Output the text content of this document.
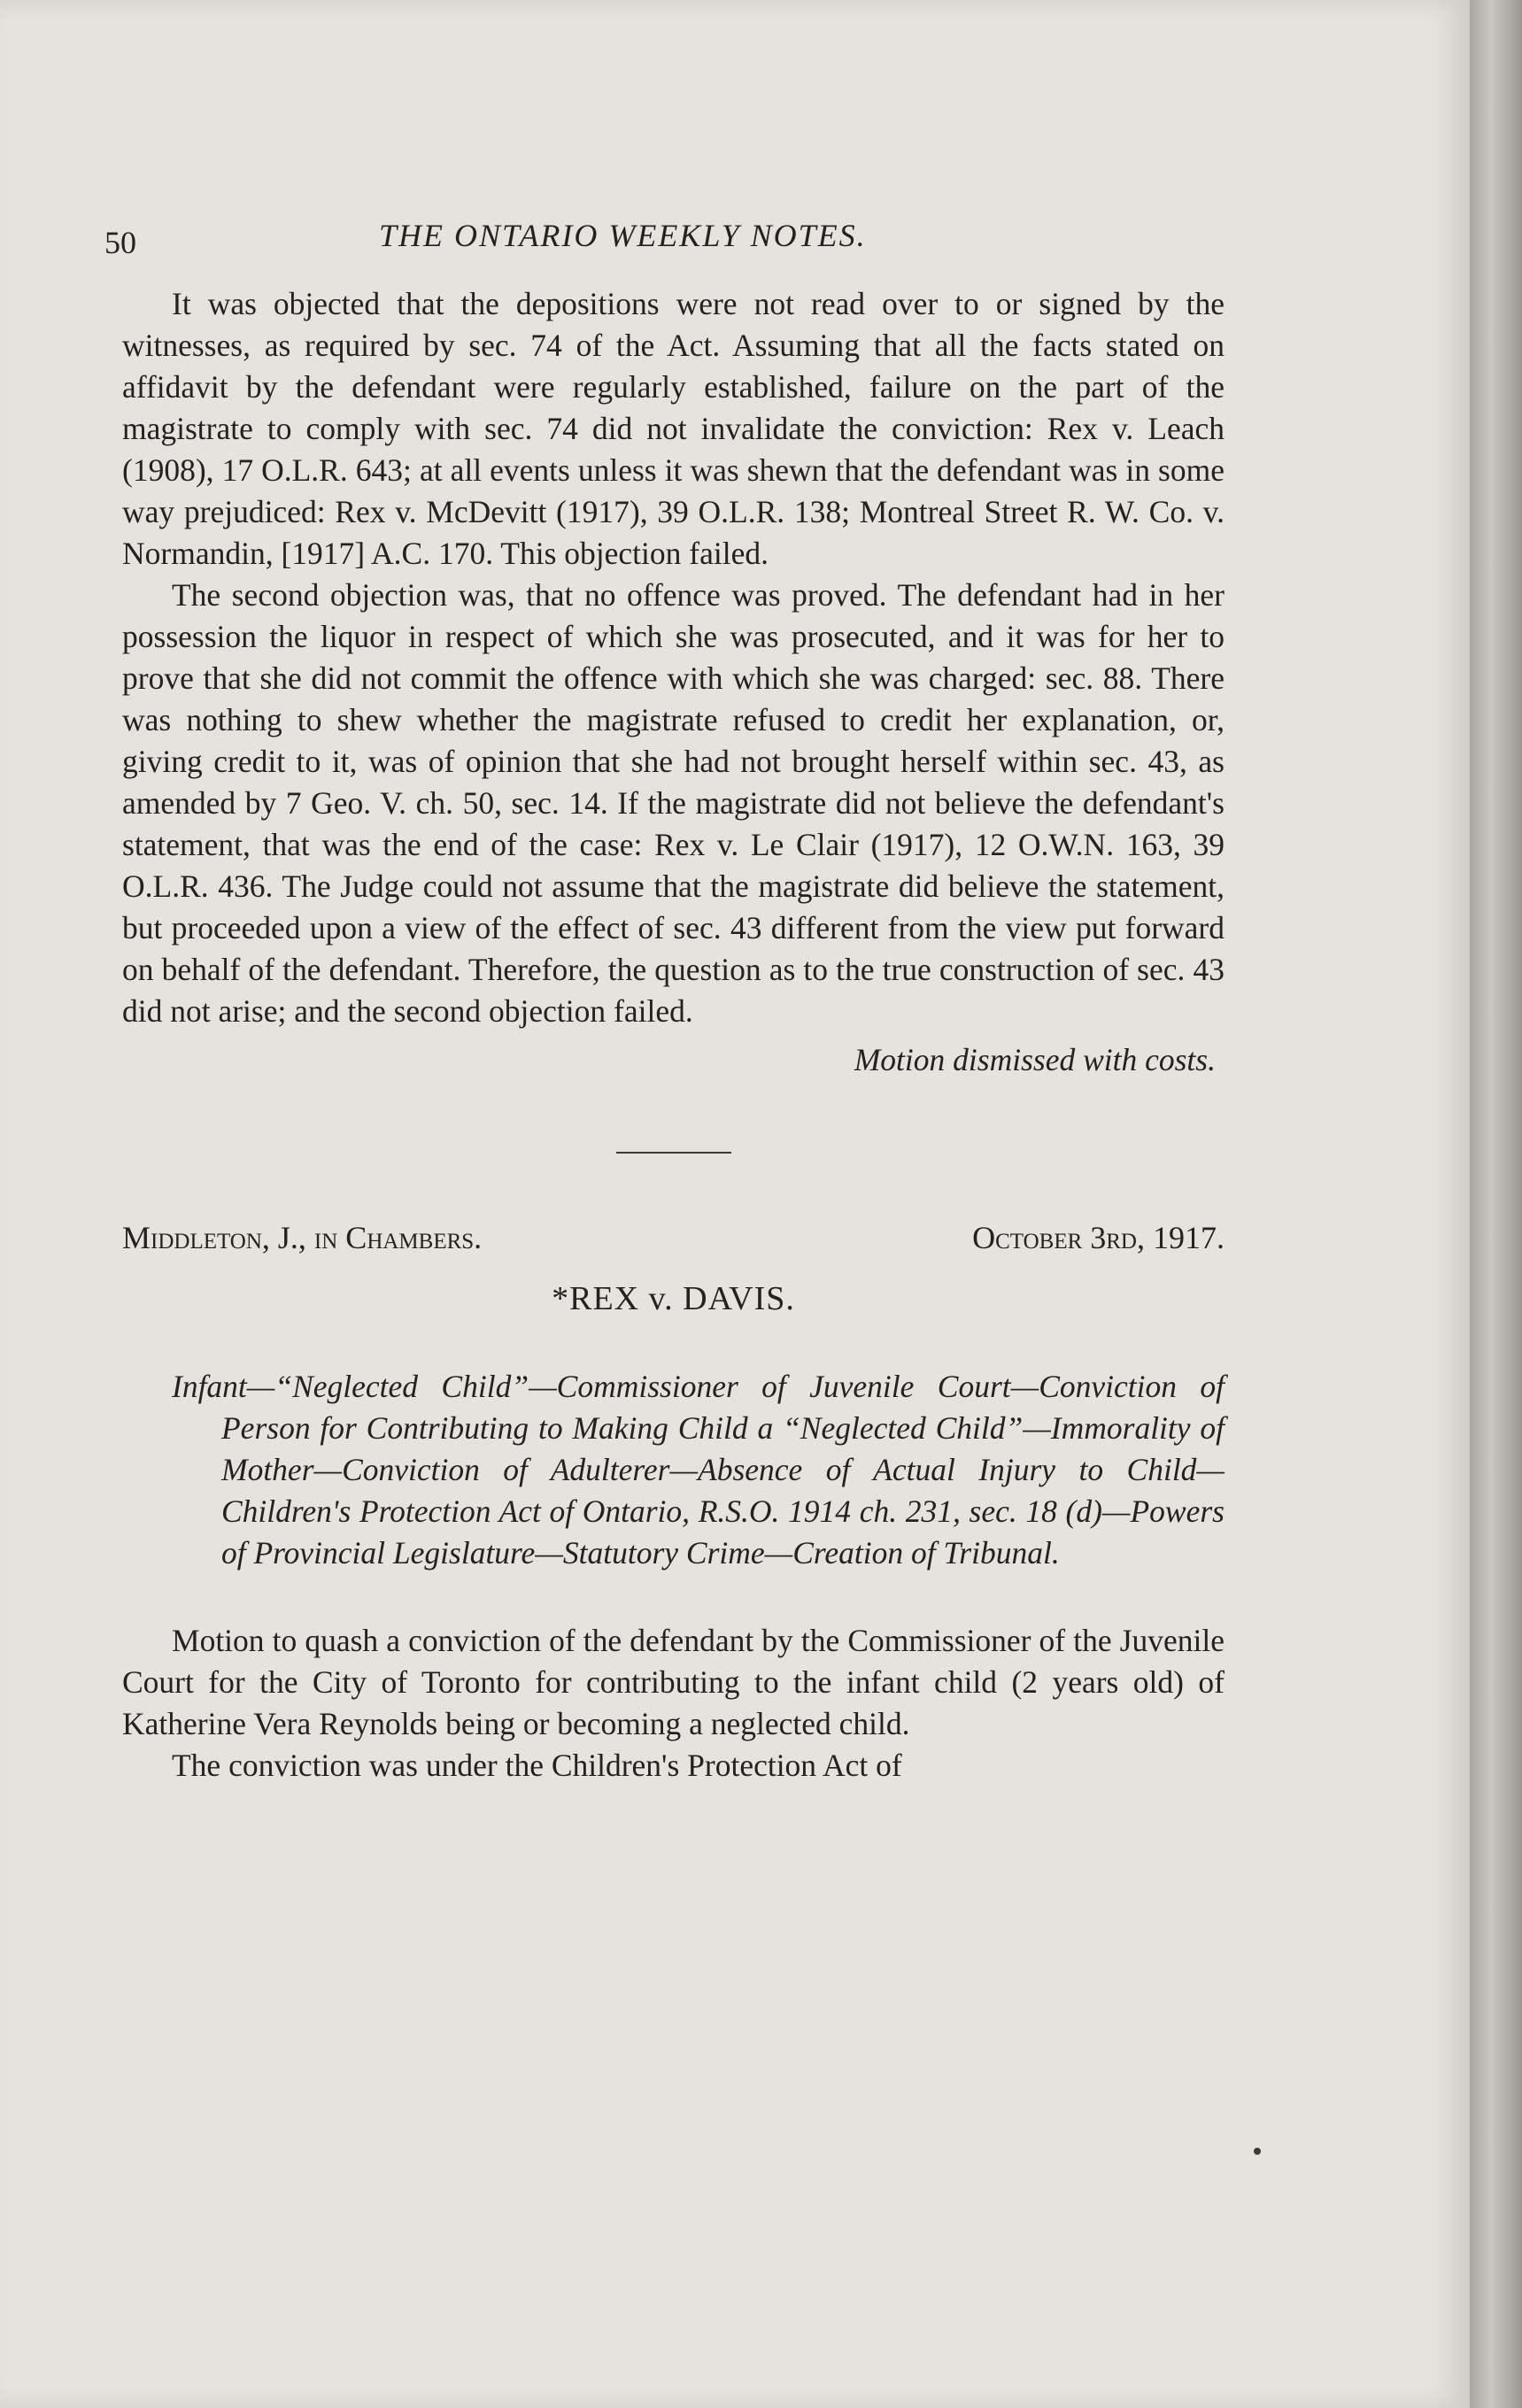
50	THE ONTARIO WEEKLY NOTES.

It was objected that the depositions were not read over to or signed by the witnesses, as required by sec. 74 of the Act. Assuming that all the facts stated on affidavit by the defendant were regularly established, failure on the part of the magistrate to comply with sec. 74 did not invalidate the conviction: Rex v. Leach (1908), 17 O.L.R. 643; at all events unless it was shewn that the defendant was in some way prejudiced: Rex v. McDevitt (1917), 39 O.L.R. 138; Montreal Street R. W. Co. v. Normandin, [1917] A.C. 170. This objection failed.

The second objection was, that no offence was proved. The defendant had in her possession the liquor in respect of which she was prosecuted, and it was for her to prove that she did not commit the offence with which she was charged: sec. 88. There was nothing to shew whether the magistrate refused to credit her explanation, or, giving credit to it, was of opinion that she had not brought herself within sec. 43, as amended by 7 Geo. V. ch. 50, sec. 14. If the magistrate did not believe the defendant's statement, that was the end of the case: Rex v. Le Clair (1917), 12 O.W.N. 163, 39 O.L.R. 436. The Judge could not assume that the magistrate did believe the statement, but proceeded upon a view of the effect of sec. 43 different from the view put forward on behalf of the defendant. Therefore, the question as to the true construction of sec. 43 did not arise; and the second objection failed.

Motion dismissed with costs.
Middleton, J., in Chambers.	October 3rd, 1917.
*REX v. DAVIS.
Infant—“Neglected Child”—Commissioner of Juvenile Court—Conviction of Person for Contributing to Making Child a “Neglected Child”—Immorality of Mother—Conviction of Adulterer—Absence of Actual Injury to Child—Children's Protection Act of Ontario, R.S.O. 1914 ch. 231, sec. 18 (d)—Powers of Provincial Legislature—Statutory Crime—Creation of Tribunal.

Motion to quash a conviction of the defendant by the Commissioner of the Juvenile Court for the City of Toronto for contributing to the infant child (2 years old) of Katherine Vera Reynolds being or becoming a neglected child.

The conviction was under the Children's Protection Act of
